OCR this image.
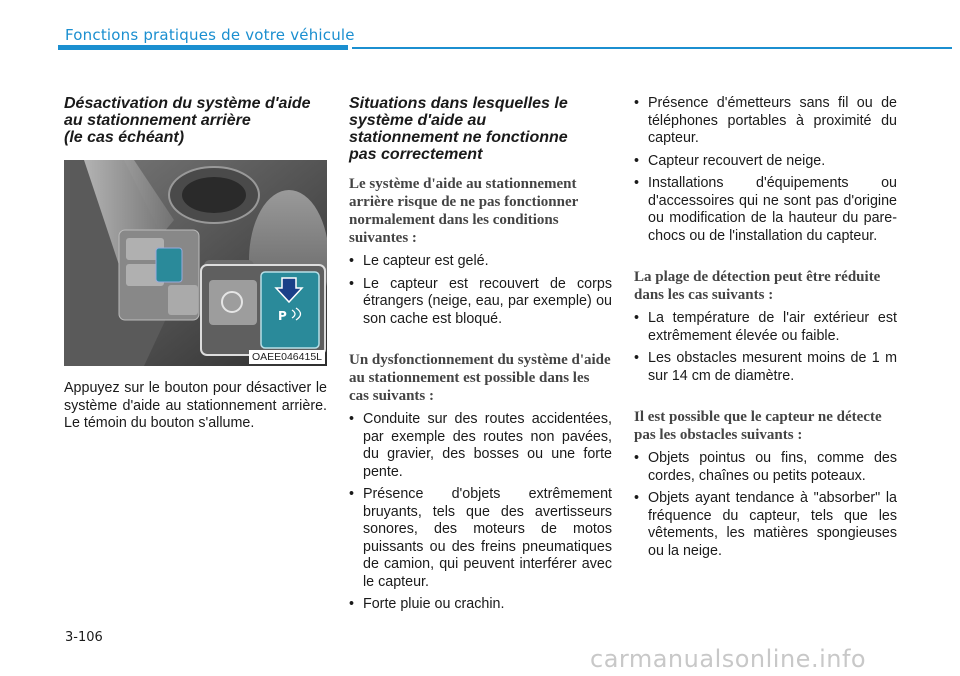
Fonctions pratiques de votre véhicule
Désactivation du système d'aide
au stationnement arrière
(le cas échéant)
P
OAEE046415L

Appuyez sur le bouton pour désactiver le système d'aide au stationnement arrière. Le témoin du bouton s'allume.

Situations dans lesquelles le
système d'aide au
stationnement ne fonctionne
pas correctement
Le système d'aide au stationnement arrière risque de ne pas fonctionner normalement dans les conditions suivantes :
• Le capteur est gelé.
• Le capteur est recouvert de corps étrangers (neige, eau, par exemple) ou son cache est bloqué.
Un dysfonctionnement du système d'aide au stationnement est possible dans les cas suivants :
• Conduite sur des routes accidentées, par exemple des routes non pavées, du gravier, des bosses ou une forte pente.
• Présence d'objets extrêmement bruyants, tels que des avertisseurs sonores, des moteurs de motos puissants ou des freins pneumatiques de camion, qui peuvent interférer avec le capteur.
• Forte pluie ou crachin.
• Présence d'émetteurs sans fil ou de téléphones portables à proximité du capteur.
• Capteur recouvert de neige.
• Installations d'équipements ou d'accessoires qui ne sont pas d'origine ou modification de la hauteur du pare-chocs ou de l'installation du capteur.
La plage de détection peut être réduite dans les cas suivants :
• La température de l'air extérieur est extrêmement élevée ou faible.
• Les obstacles mesurent moins de 1 m sur 14 cm de diamètre.
Il est possible que le capteur ne détecte pas les obstacles suivants :
• Objets pointus ou fins, comme des cordes, chaînes ou petits poteaux.
• Objets ayant tendance à "absorber" la fréquence du capteur, tels que les vêtements, les matières spongieuses ou la neige.
3-106
carmanualsonline.info
